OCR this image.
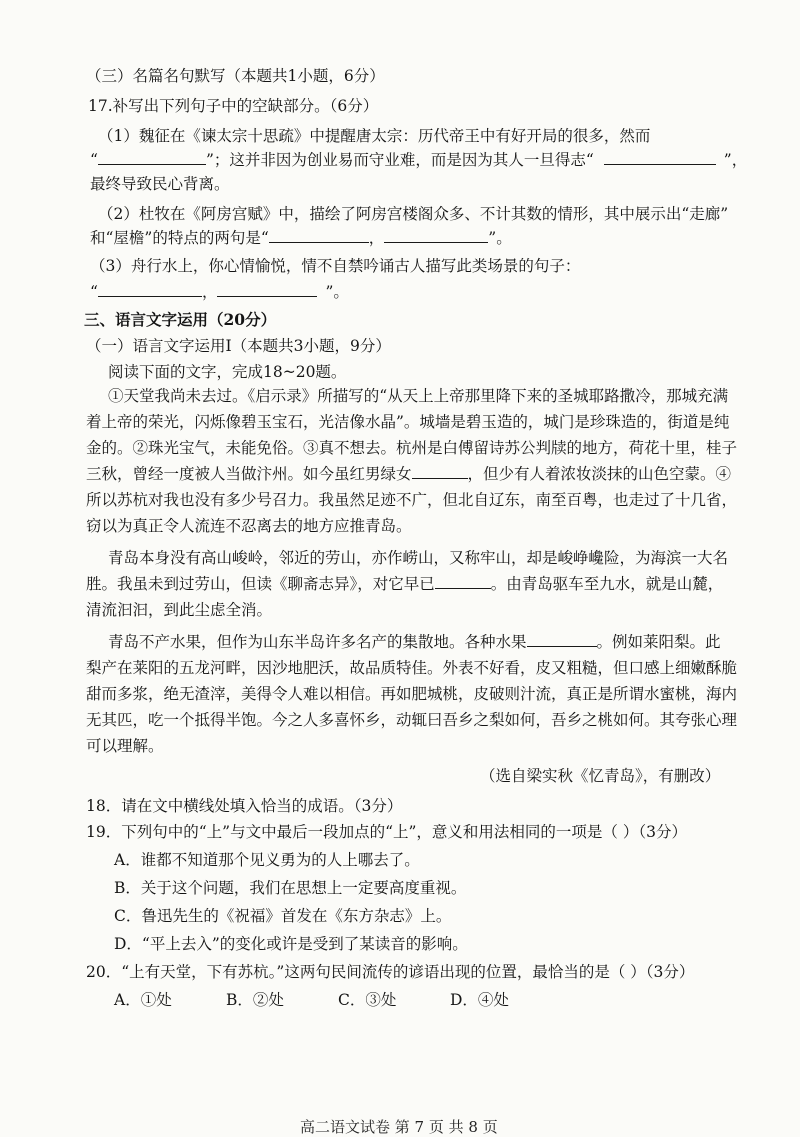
（三）名篇名句默写（本题共1小题，6分）
17.补写出下列句子中的空缺部分。（6分）
（1）魏征在《谏太宗十思疏》中提醒唐太宗：历代帝王中有好开局的很多，然而
“	”；这并非因为创业易而守业难，而是因为其人一旦得志“	”，
最终导致民心背离。
（2）杜牧在《阿房宫赋》中，描绘了阿房宫楼阁众多、不计其数的情形，其中展示出“走廊”
和“屋檐”的特点的两句是“	，	”。
（3）舟行水上，你心情愉悦，情不自禁吟诵古人描写此类场景的句子：
“	，	”。
三、语言文字运用（20分）
（一）语言文字运用Ⅰ（本题共3小题，9分）
阅读下面的文字，完成18~20题。
①天堂我尚未去过。《启示录》所描写的“从天上上帝那里降下来的圣城耶路撒冷，那城充满
着上帝的荣光，闪烁像碧玉宝石，光洁像水晶”。城墙是碧玉造的，城门是珍珠造的，街道是纯
金的。②珠光宝气，未能免俗。③真不想去。杭州是白傅留诗苏公判牍的地方，荷花十里，桂子
三秋，曾经一度被人当做汴州。如今虽红男绿女	，但少有人着浓妆淡抹的山色空蒙。④
所以苏杭对我也没有多少号召力。我虽然足迹不广，但北自辽东，南至百粤，也走过了十几省，
窃以为真正令人流连不忍离去的地方应推青岛。
青岛本身没有高山峻岭，邻近的劳山，亦作崂山，又称牢山，却是峻峥巉险，为海滨一大名
胜。我虽未到过劳山，但读《聊斋志异》，对它早已	。由青岛驱车至九水，就是山麓，
清流汩汩，到此尘虑全消。
青岛不产水果，但作为山东半岛许多名产的集散地。各种水果	。例如莱阳梨。此
梨产在莱阳的五龙河畔，因沙地肥沃，故品质特佳。外表不好看，皮又粗糙，但口感上细嫩酥脆
甜而多浆，绝无渣滓，美得令人难以相信。再如肥城桃，皮破则汁流，真正是所谓水蜜桃，海内
无其匹，吃一个抵得半饱。今之人多喜怀乡，动辄曰吾乡之梨如何，吾乡之桃如何。其夸张心理
可以理解。
（选自梁实秋《忆青岛》，有删改）
18．请在文中横线处填入恰当的成语。（3分）
19．下列句中的“上”与文中最后一段加点的“上”，意义和用法相同的一项是（ ）（3分）
A．谁都不知道那个见义勇为的人上哪去了。
B．关于这个问题，我们在思想上一定要高度重视。
C．鲁迅先生的《祝福》首发在《东方杂志》上。
D．“平上去入”的变化或许是受到了某读音的影响。
20．“上有天堂，下有苏杭。”这两句民间流传的谚语出现的位置，最恰当的是（ ）（3分）
A．①处	B．②处	C．③处	D．④处
高二语文试卷 第 7 页 共 8 页
